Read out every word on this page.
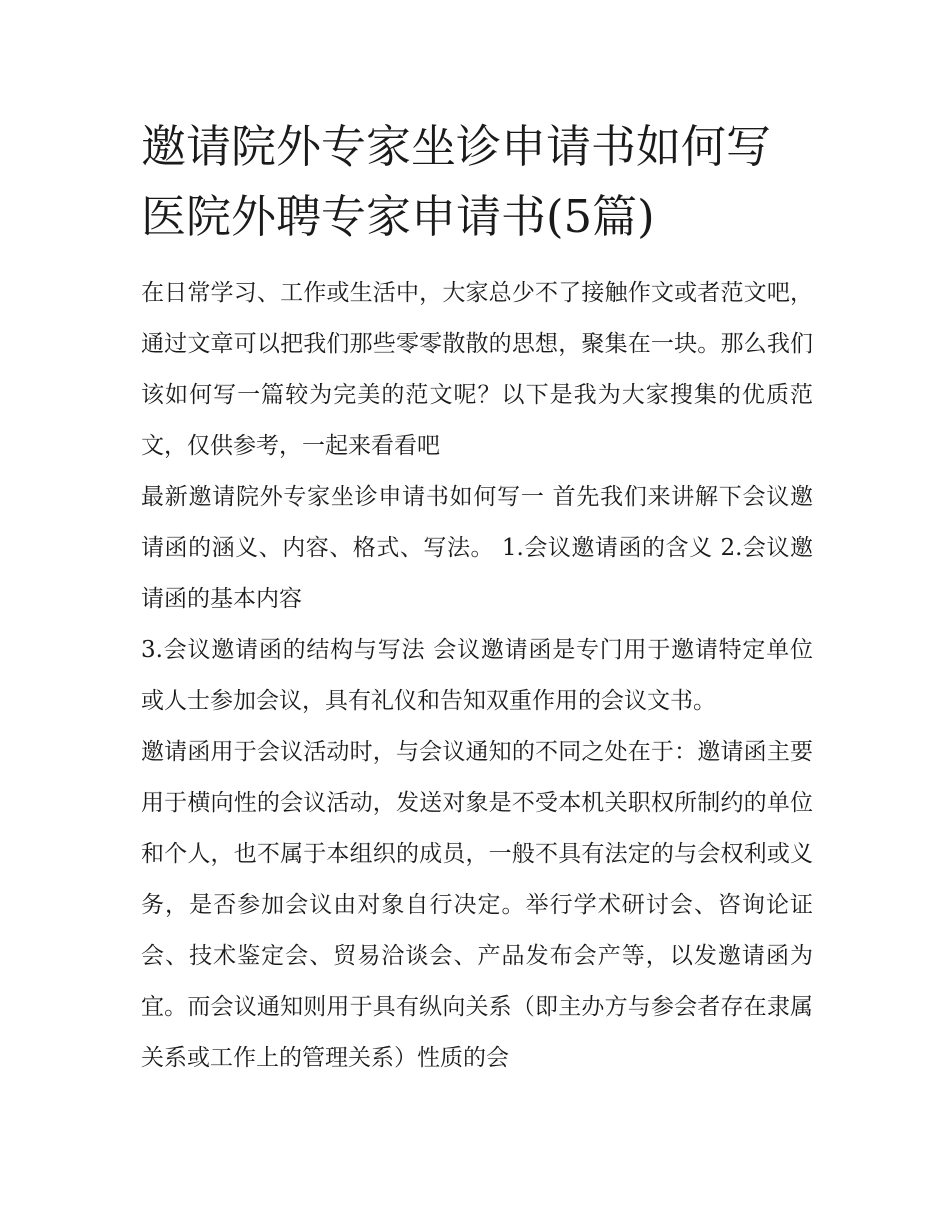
邀请院外专家坐诊申请书如何写 医院外聘专家申请书(5篇)

在日常学习、工作或生活中，大家总少不了接触作文或者范文吧，通过文章可以把我们那些零零散散的思想，聚集在一块。那么我们该如何写一篇较为完美的范文呢？以下是我为大家搜集的优质范文，仅供参考，一起来看看吧

最新邀请院外专家坐诊申请书如何写一 首先我们来讲解下会议邀请函的涵义、内容、格式、写法。 1.会议邀请函的含义 2.会议邀请函的基本内容

3.会议邀请函的结构与写法 会议邀请函是专门用于邀请特定单位或人士参加会议，具有礼仪和告知双重作用的会议文书。

邀请函用于会议活动时，与会议通知的不同之处在于：邀请函主要用于横向性的会议活动，发送对象是不受本机关职权所制约的单位和个人，也不属于本组织的成员，一般不具有法定的与会权利或义务，是否参加会议由对象自行决定。举行学术研讨会、咨询论证会、技术鉴定会、贸易洽谈会、产品发布会产等，以发邀请函为宜。而会议通知则用于具有纵向关系（即主办方与参会者存在隶属关系或工作上的管理关系）性质的会
